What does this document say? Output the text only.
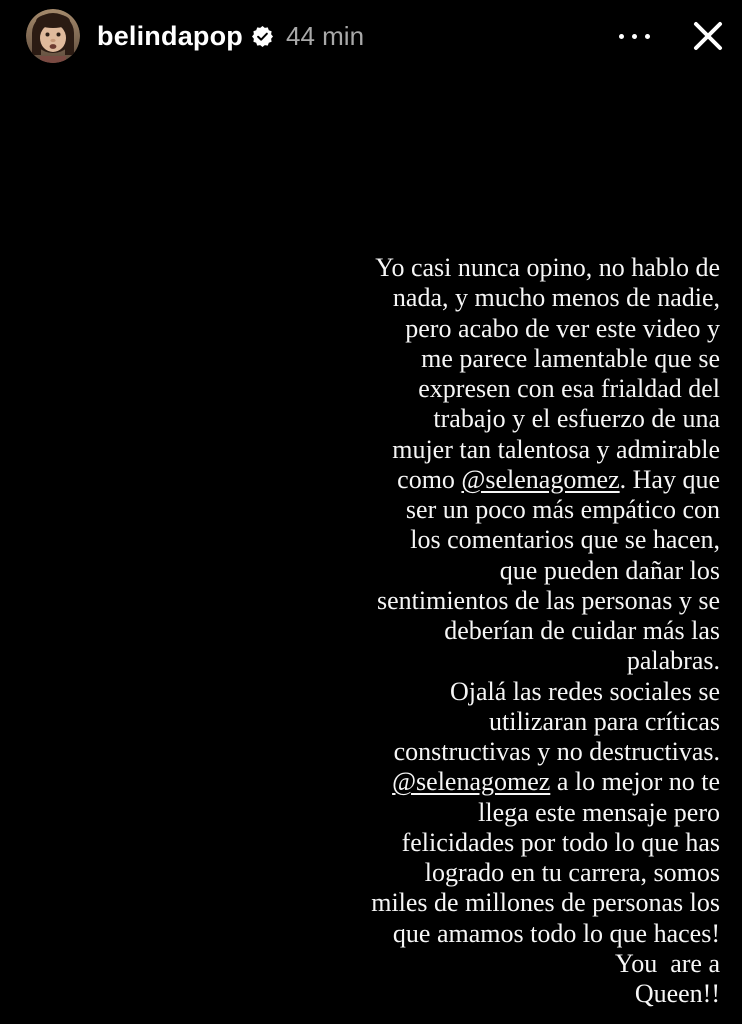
belindapop 44 min
Yo casi nunca opino, no hablo de
nada, y mucho menos de nadie,
pero acabo de ver este video y
me parece lamentable que se
expresen con esa frialdad del
trabajo y el esfuerzo de una
mujer tan talentosa y admirable
como @selenagomez. Hay que
ser un poco más empático con
los comentarios que se hacen,
que pueden dañar los
sentimientos de las personas y se
deberían de cuidar más las
palabras.
Ojalá las redes sociales se
utilizaran para críticas
constructivas y no destructivas.
@selenagomez a lo mejor no te
llega este mensaje pero
felicidades por todo lo que has
logrado en tu carrera, somos
miles de millones de personas los
que amamos todo lo que haces!
You  are a
Queen!!
